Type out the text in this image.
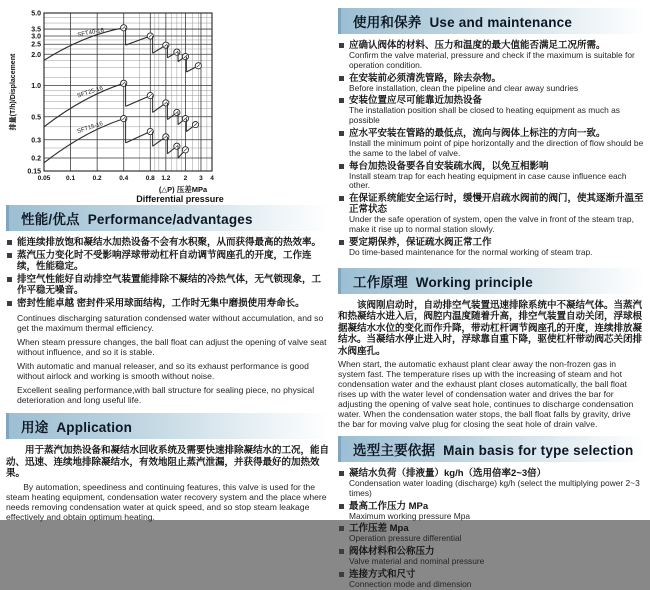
0.05 0.1	0.2	0.4	0.8 1.2 2 3 4
0.15
0.2
0.3
0.5
1.0
2.0
2.5
3.0
3.5
5.0
(△P) 压差MPa
Differential pressure
排量(T/h)/Displacement
SFT40-16
SFT25-16
SFT15-16
性能/优点 Performance/advantages
能连续排放饱和凝结水加热设备不会有水积聚，从而获得最高的热效率。
蒸汽压力变化时不受影响浮球带动杠杆自动调节阀座孔的开度，工作连续，性能稳定。
排空气性能好自动排空气装置能排除不凝结的冷热气体，无气锁现象，工作平稳无噪音。
密封性能卓越 密封件采用球面结构，工作时无集中磨损使用寿命长。
Continues discharging saturation condensed water without accumulation, and so get the maximum thermal efficiency.
When steam pressure changes, the ball float can adjust the opening of valve seat without influence, and so it is stable.
With automatic and manual releaser, and so its exhaust performance is good without airlock and working is smooth without noise.
Excellent sealing performance,with ball structure for sealing piece, no physical deterioration and long useful life.
用途 Application
用于蒸汽加热设备和凝结水回收系统及需要快速排除凝结水的工况，能自动、迅速、连续地排除凝结水，有效地阻止蒸汽泄漏，并获得最好的加热效果。
By automation, speediness and continuing features, this valve is used for the steam heating equipment, condensation water recovery system and the place where needs removing condensation water at quick speed, and so stop steam leakage effectively and obtain optimum heating.
使用和保养 Use and maintenance
应确认阀体的材料、压力和温度的最大值能否满足工况所需。
Confirm the valve material, pressure and check if the maximum is suitable for operation condition.
在安装前必须清洗管路，除去杂物。
Before installation, clean the pipeline and clear away sundries
安装位置应尽可能靠近加热设备
The installation position shall be closed to heating equipment as much as possible
应水平安装在管路的最低点，流向与阀体上标注的方向一致。
Install the minimum point of pipe horizontally and the direction of flow should be the same to the label of valve.
每台加热设备要各自安装疏水阀，以免互相影响
Install steam trap for each heating equipment in case cause influence each other.
在保证系统能安全运行时，缓慢开启疏水阀前的阀门，使其逐渐升温至正常状态
Under the safe operation of system, open the valve in front of the steam trap, make it rise up to normal station slowly.
要定期保养，保证疏水阀正常工作
Do time-based maintenance for the normal working of steam trap.
工作原理 Working principle
该阀刚启动时，自动排空气装置迅速排除系统中不凝结气体。当蒸汽和热凝结水进入后，阀腔内温度随着升高，排空气装置自动关闭，浮球根据凝结水水位的变化而作升降，带动杠杆调节阀座孔的开度，连续排放凝结水。当凝结水停止进入时，浮球靠自重下降，驱使杠杆带动阀芯关闭排水阀座孔。
When start, the automatic exhaust plant clear away the non-frozen gas in system fast. The temperature rises up with the increasing of steam and hot condensation water and the exhaust plant closes automatically, the ball float rises up with the water level of condensation water and drives the bar for adjusting the opening of valve seat hole, continues to discharge condensation water. When the condensation water stops, the ball float falls by gravity, drive the bar for moving valve plug for closing the seat hole of drain valve.
选型主要依据 Main basis for type selection
凝结水负荷（排液量）kg/h（选用倍率2~3倍）
Condensation water loading (discharge) kg/h (select the multiplying power 2~3 times)
最高工作压力 MPa
Maximum working pressure Mpa
工作压差 Mpa
Operation pressure differential
阀体材料和公称压力
Valve material and nominal pressure
连接方式和尺寸
Connection mode and dimension
